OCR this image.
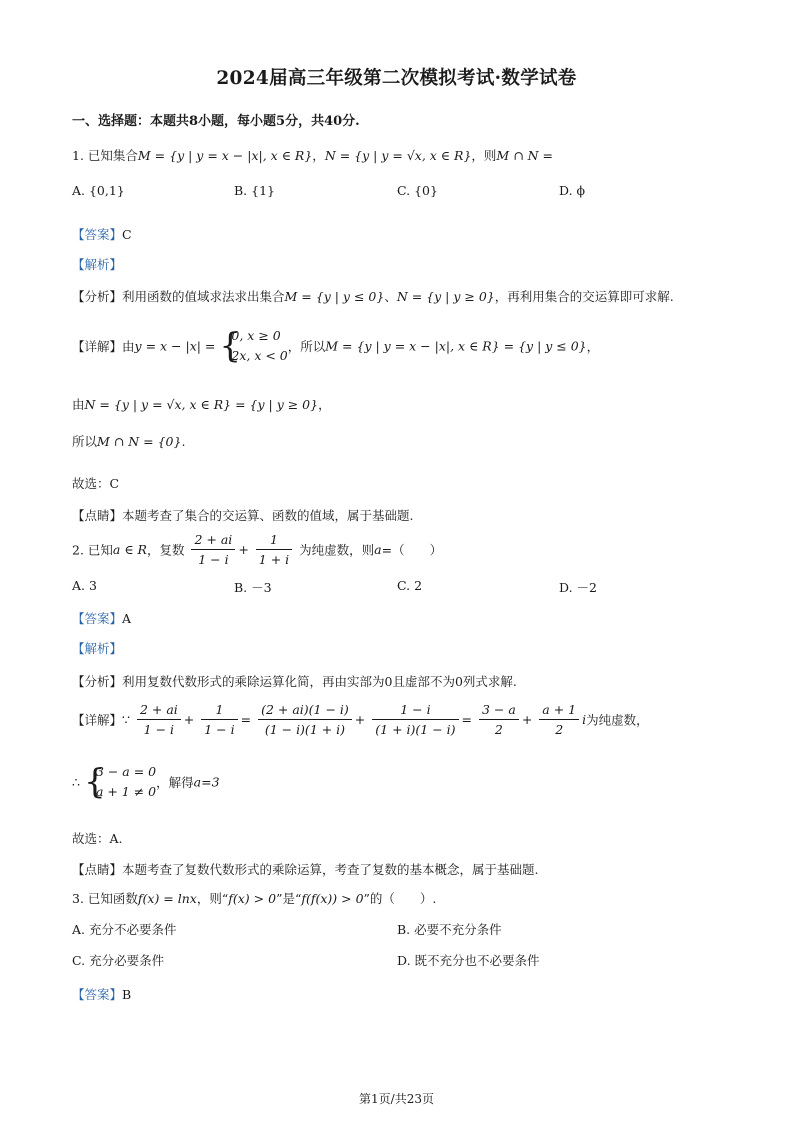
2024届高三年级第二次模拟考试·数学试卷
一、选择题：本题共8小题，每小题5分，共40分.
1. 已知集合M = {y | y = x − |x|, x ∈ R}，N = {y | y = √x, x ∈ R}，则M ∩ N =
A. {0,1}	B. {1}	C. {0}	D. ϕ
【答案】C
【解析】
【分析】利用函数的值域求法求出集合M = {y | y ≤ 0}、N = {y | y ≥ 0}，再利用集合的交运算即可求解.
【详解】由y = x − |x| = {
0, x ≥ 0
2x, x < 0
，所以M = {y | y = x − |x|, x ∈ R} = {y | y ≤ 0}，
由N = {y | y = √x, x ∈ R} = {y | y ≥ 0}，
所以M ∩ N = {0}.
故选：C
【点睛】本题考查了集合的交运算、函数的值域，属于基础题.
2. 已知a ∈ R，复数 $\frac{2 + ai}{1 - i} + \frac{1}{1 + i}$ 为纯虚数，则a=（　　）
A. 3	B. －3	C. 2	D. －2
【答案】A
【解析】
【分析】利用复数代数形式的乘除运算化简，再由实部为0且虚部不为0列式求解.
【详解】∵ $\frac{2 + ai}{1 - i} + \frac{1}{1 - i} = \frac{(2 + ai)(1 - i)}{(1 - i)(1 + i)} + \frac{1 - i}{(1 + i)(1 - i)} = \frac{3 - a}{2} + \frac{a + 1}{2}$ i为纯虚数，
∴ {
3 − a = 0
a + 1 ≠ 0
，解得a=3
故选：A.
【点睛】本题考查了复数代数形式的乘除运算，考查了复数的基本概念，属于基础题.
3. 已知函数f(x) = lnx，则“f(x) > 0”是“f(f(x)) > 0”的（　　）.
A. 充分不必要条件	B. 必要不充分条件
C. 充分必要条件	D. 既不充分也不必要条件
【答案】B
第1页/共23页
